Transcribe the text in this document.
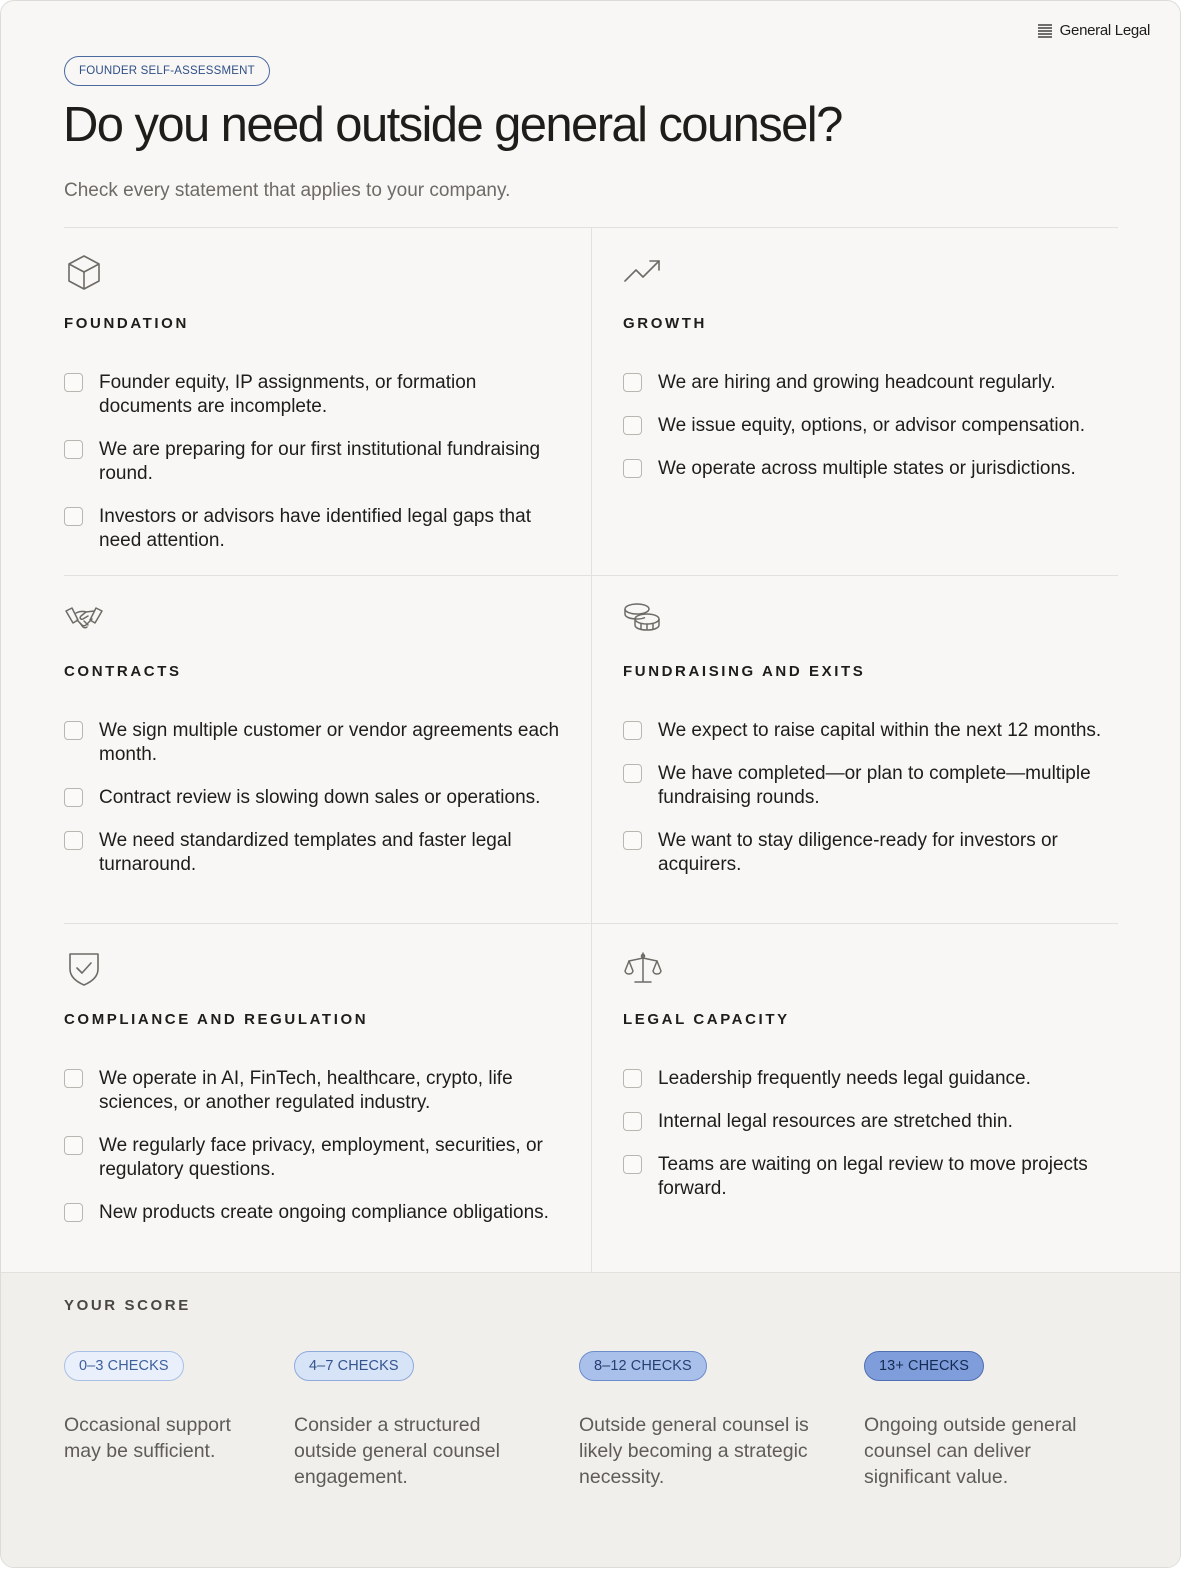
General Legal
FOUNDER SELF-ASSESSMENT
Do you need outside general counsel?
Check every statement that applies to your company.
FOUNDATION
Founder equity, IP assignments, or formation documents are incomplete.
We are preparing for our first institutional fundraising round.
Investors or advisors have identified legal gaps that need attention.
GROWTH
We are hiring and growing headcount regularly.
We issue equity, options, or advisor compensation.
We operate across multiple states or jurisdictions.
CONTRACTS
We sign multiple customer or vendor agreements each month.
Contract review is slowing down sales or operations.
We need standardized templates and faster legal turnaround.
FUNDRAISING AND EXITS
We expect to raise capital within the next 12 months.
We have completed—or plan to complete—multiple fundraising rounds.
We want to stay diligence-ready for investors or acquirers.
COMPLIANCE AND REGULATION
We operate in AI, FinTech, healthcare, crypto, life sciences, or another regulated industry.
We regularly face privacy, employment, securities, or regulatory questions.
New products create ongoing compliance obligations.
LEGAL CAPACITY
Leadership frequently needs legal guidance.
Internal legal resources are stretched thin.
Teams are waiting on legal review to move projects forward.
YOUR SCORE
0–3 CHECKS
Occasional support may be sufficient.
4–7 CHECKS
Consider a structured outside general counsel engagement.
8–12 CHECKS
Outside general counsel is likely becoming a strategic necessity.
13+ CHECKS
Ongoing outside general counsel can deliver significant value.
